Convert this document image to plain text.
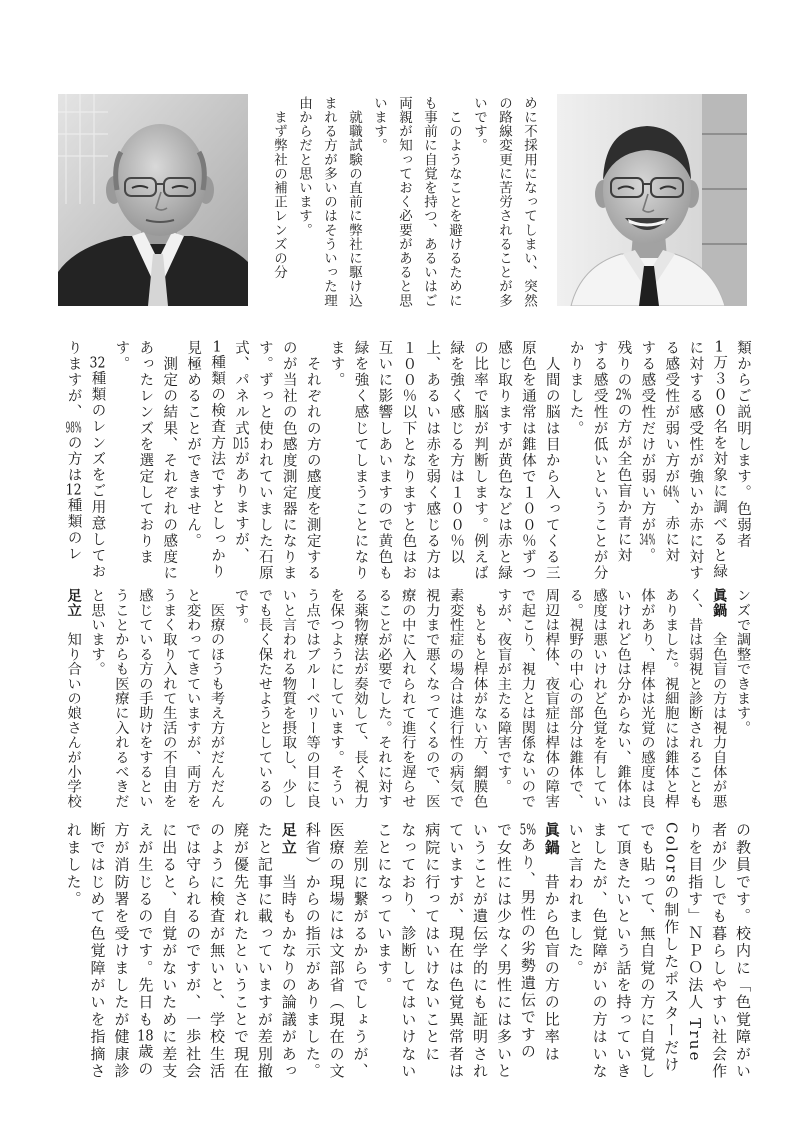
めに不採用になってしまい、突然
の路線変更に苦労されることが多
いです。
　このようなことを避けるために
も事前に自覚を持つ、あるいはご
両親が知っておく必要があると思
います。
　就職試験の直前に弊社に駆け込
まれる方が多いのはそういった理
由からだと思います。
　まず弊社の補正レンズの分
類からご説明します。色弱者
1万３００名を対象に調べると緑
に対する感受性が強いか赤に対す
る感受性が弱い方が64%、赤に対
する感受性だけが弱い方が34%。
残りの2%の方が全色盲か青に対
する感受性が低いということが分
かりました。
　人間の脳は目から入ってくる三
原色を通常は錐体で１００％ずつ
感じ取りますが黄色などは赤と緑
の比率で脳が判断します。例えば
緑を強く感じる方は１００％以
上、あるいは赤を弱く感じる方は
１００％以下となりますと色はお
互いに影響しあいますので黄色も
緑を強く感じてしまうことになり
ます。
　それぞれの方の感度を測定する
のが当社の色感度測定器になりま
す。ずっと使われていました石原
式、パネル式D15がありますが、
1種類の検査方法ですとしっかり
見極めることができません。
　測定の結果、それぞれの感度に
あったレンズを選定しておりま
す。
　32種類のレンズをご用意してお
りますが、98%の方は12種類のレ
ンズで調整できます。
眞鍋　全色盲の方は視力自体が悪
く、昔は弱視と診断されることも
ありました。視細胞には錐体と桿
体があり、桿体は光覚の感度は良
いけれど色は分からない、錐体は
感度は悪いけれど色覚を有してい
る。視野の中心の部分は錐体で、
周辺は桿体、夜盲症は桿体の障害
で起こり、視力とは関係ないので
すが、夜盲が主たる障害です。
　もともと桿体がない方、網膜色
素変性症の場合は進行性の病気で
視力まで悪くなってくるので、医
療の中に入れられて進行を遅らせ
ることが必要でした。それに対す
る薬物療法が奏効して、長く視力
を保つようにしています。そうい
う点ではブルーベリー等の目に良
いと言われる物質を摂取し、少し
でも長く保たせようとしているの
です。
　医療のほうも考え方がだんだん
と変わってきていますが、両方を
うまく取り入れて生活の不自由を
感じている方の手助けをするとい
うことからも医療に入れるべきだ
と思います。
足立　知り合いの娘さんが小学校
の教員です。校内に「色覚障がい
者が少しでも暮らしやすい社会作
りを目指す」ＮＰＯ法人 True
Colorsの制作したポスターだけ
でも貼って、無自覚の方に自覚し
て頂きたいという話を持っていき
ましたが、色覚障がいの方はいな
いと言われました。
眞鍋　昔から色盲の方の比率は
5%あり、男性の劣勢遺伝ですの
で女性には少なく男性には多いと
いうことが遺伝学的にも証明され
ていますが、現在は色覚異常者は
病院に行ってはいけないことに
なっており、診断してはいけない
ことになっています。
　差別に繋がるからでしょうが、
医療の現場には文部省（現在の文
科省）からの指示がありました。
足立　当時もかなりの論議があっ
たと記事に載っていますが差別撤
廃が優先されたということで現在
のように検査が無いと、学校生活
では守られるのですが、一歩社会
に出ると、自覚がないために差支
えが生じるのです。先日も18歳の
方が消防署を受けましたが健康診
断ではじめて色覚障がいを指摘さ
れました。
